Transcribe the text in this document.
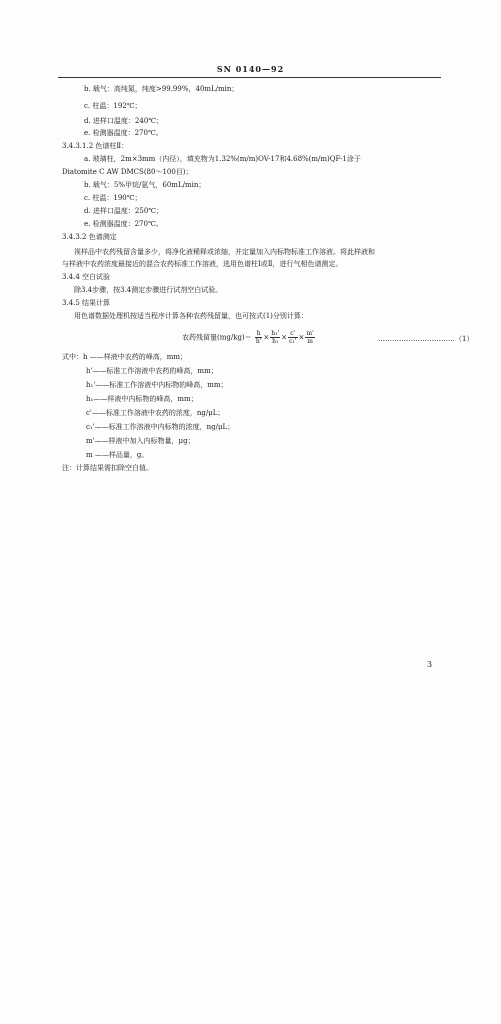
SN 0140—92
b. 载气：高纯氮，纯度>99.99%，40mL/min；
c. 柱温：192℃；
d. 进样口温度：240℃；
e. 检测器温度：270℃。
3.4.3.1.2 色谱柱Ⅱ：
a. 玻璃柱，2m×3mm（内径），填充物为1.32%(m/m)OV-17和4.68%(m/m)QF-1涂于
Diatomite C AW DMCS(80～100目)；
b. 载气：5%甲烷/氩气，60mL/min；
c. 柱温：190℃；
d. 进样口温度：250℃；
e. 检测器温度：270℃。
3.4.3.2 色谱测定
视样品中农药残留含量多少，将净化液稀释或浓缩，并定量加入内标物标准工作溶液。将此样液和
与样液中农药浓度最接近的混合农药标准工作溶液，选用色谱柱Ⅰ或Ⅱ，进行气相色谱测定。
3.4.4 空白试验
除3.4步骤，按3.4测定步骤进行试剂空白试验。
3.4.5 结果计算
用色谱数据处理机按适当程序计算各种农药残留量，也可按式(1)分别计算：
农药残留量$(mg/kg)= \frac{h}{h'} \times \frac{\text{h₁'}}{\text{h₁}} \times \frac{c'}{\text{c₁'}} \times \frac{m'}{m}$	……………………………（1）
式中：h ——样液中农药的峰高，mm；
h'——标准工作溶液中农药的峰高，mm；
h₁'——标准工作溶液中内标物的峰高，mm；
h₁——样液中内标物的峰高，mm；
c'——标准工作溶液中农药的浓度，ng/μL；
c₁'——标准工作溶液中内标物的浓度，ng/μL；
m'——样液中加入内标物量，μg；
m ——样品量，g。
注：计算结果需扣除空白值。
3
